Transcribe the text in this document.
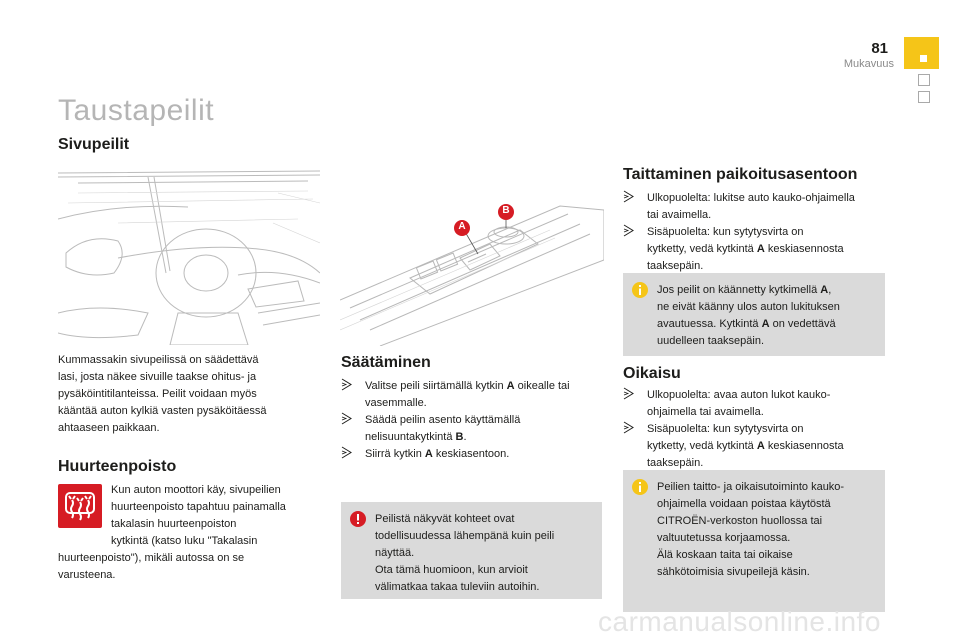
81
Mukavuus
Taustapeilit
Sivupeilit
Kummassakin sivupeilissä on säädettävä
lasi, josta näkee sivuille taakse ohitus- ja
pysäköintitilanteissa. Peilit voidaan myös
kääntää auton kylkiä vasten pysäköitäessä
ahtaaseen paikkaan.
Huurteenpoisto
Kun auton moottori käy, sivupeilien
huurteenpoisto tapahtuu painamalla
takalasin huurteenpoiston
kytkintä (katso luku "Takalasin
huurteenpoisto"), mikäli autossa on se
varusteena.
A
B
Säätäminen
Valitse peili siirtämällä kytkin A oikealle tai
vasemmalle.
Säädä peilin asento käyttämällä
nelisuuntakytkintä B.
Siirrä kytkin A keskiasentoon.
Peilistä näkyvät kohteet ovat
todellisuudessa lähempänä kuin peili
näyttää.
Ota tämä huomioon, kun arvioit
välimatkaa takaa tuleviin autoihin.
Taittaminen paikoitusasentoon
Ulkopuolelta: lukitse auto kauko-ohjaimella
tai avaimella.
Sisäpuolelta: kun sytytysvirta on
kytketty, vedä kytkintä A keskiasennosta
taaksepäin.
Jos peilit on käännetty kytkimellä A,
ne eivät käänny ulos auton lukituksen
avautuessa. Kytkintä A on vedettävä
uudelleen taaksepäin.
Oikaisu
Ulkopuolelta: avaa auton lukot kauko-
ohjaimella tai avaimella.
Sisäpuolelta: kun sytytysvirta on
kytketty, vedä kytkintä A keskiasennosta
taaksepäin.
Peilien taitto- ja oikaisutoiminto kauko-
ohjaimella voidaan poistaa käytöstä
CITROËN-verkoston huollossa tai
valtuutetussa korjaamossa.
Älä koskaan taita tai oikaise
sähkötoimisia sivupeilejä käsin.
carmanualsonline.info
